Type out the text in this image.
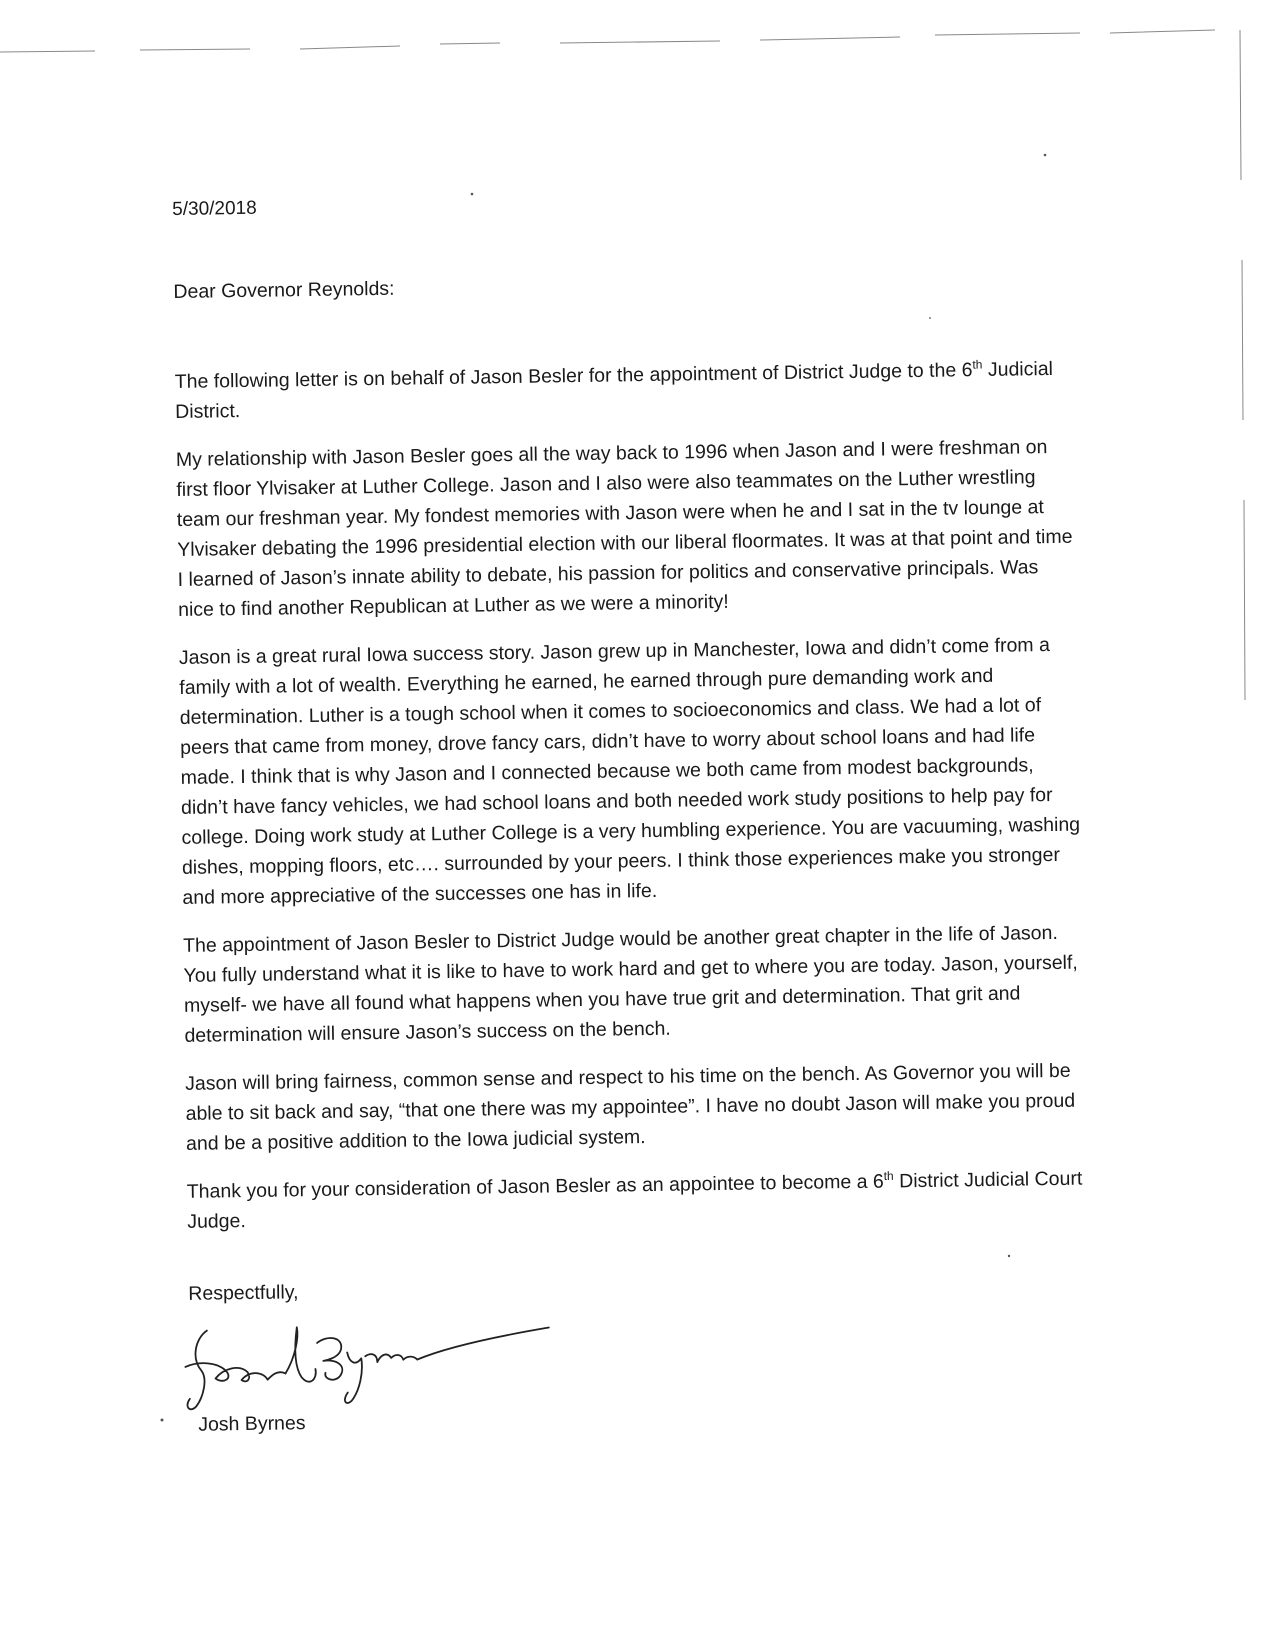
5/30/2018

Dear Governor Reynolds:

The following letter is on behalf of Jason Besler for the appointment of District Judge to the 6th Judicial District.

My relationship with Jason Besler goes all the way back to 1996 when Jason and I were freshman on first floor Ylvisaker at Luther College. Jason and I also were also teammates on the Luther wrestling team our freshman year. My fondest memories with Jason were when he and I sat in the tv lounge at Ylvisaker debating the 1996 presidential election with our liberal floormates. It was at that point and time I learned of Jason’s innate ability to debate, his passion for politics and conservative principals. Was nice to find another Republican at Luther as we were a minority!

Jason is a great rural Iowa success story. Jason grew up in Manchester, Iowa and didn’t come from a family with a lot of wealth. Everything he earned, he earned through pure demanding work and determination. Luther is a tough school when it comes to socioeconomics and class. We had a lot of peers that came from money, drove fancy cars, didn’t have to worry about school loans and had life made. I think that is why Jason and I connected because we both came from modest backgrounds, didn’t have fancy vehicles, we had school loans and both needed work study positions to help pay for college. Doing work study at Luther College is a very humbling experience. You are vacuuming, washing dishes, mopping floors, etc…. surrounded by your peers. I think those experiences make you stronger and more appreciative of the successes one has in life.

The appointment of Jason Besler to District Judge would be another great chapter in the life of Jason. You fully understand what it is like to have to work hard and get to where you are today. Jason, yourself, myself- we have all found what happens when you have true grit and determination. That grit and determination will ensure Jason’s success on the bench.

Jason will bring fairness, common sense and respect to his time on the bench. As Governor you will be able to sit back and say, “that one there was my appointee”. I have no doubt Jason will make you proud and be a positive addition to the Iowa judicial system.

Thank you for your consideration of Jason Besler as an appointee to become a 6th District Judicial Court Judge.

Respectfully,

Josh Byrnes
